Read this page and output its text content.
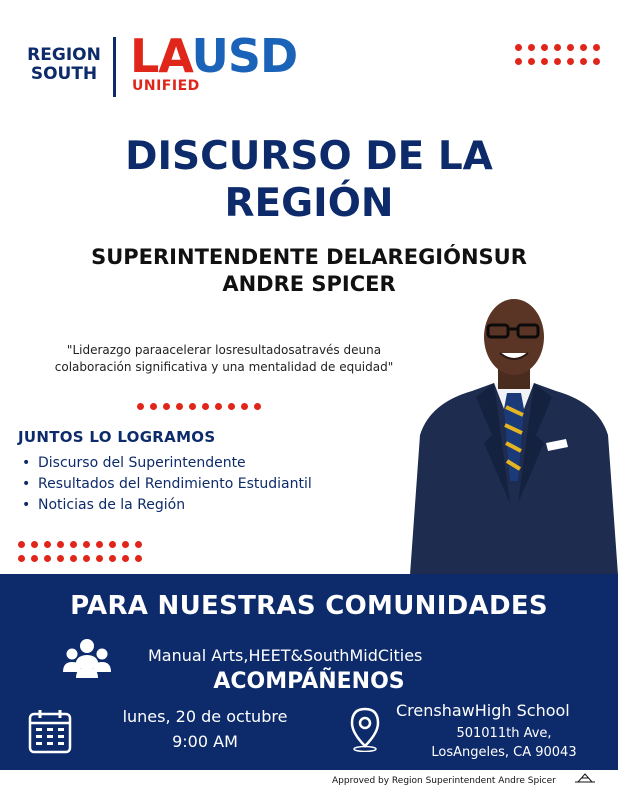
REGION
SOUTH LAUSD
UNIFIED
DISCURSO DE LA
REGIÓN
SUPERINTENDENTE DELAREGIÓNSUR
ANDRE SPICER
"Liderazgo paraacelerar losresultadosatravés deuna
colaboración significativa y una mentalidad de equidad"
JUNTOS LO LOGRAMOS
• Discurso del Superintendente
• Resultados del Rendimiento Estudiantil
• Noticias de la Región
PARA NUESTRAS COMUNIDADES
Manual Arts,HEET&SouthMidCities
ACOMPÁÑENOS
lunes, 20 de octubre
9:00 AM
CrenshawHigh School
501011th Ave,
LosAngeles, CA 90043
Approved by Region Superintendent Andre Spicer
